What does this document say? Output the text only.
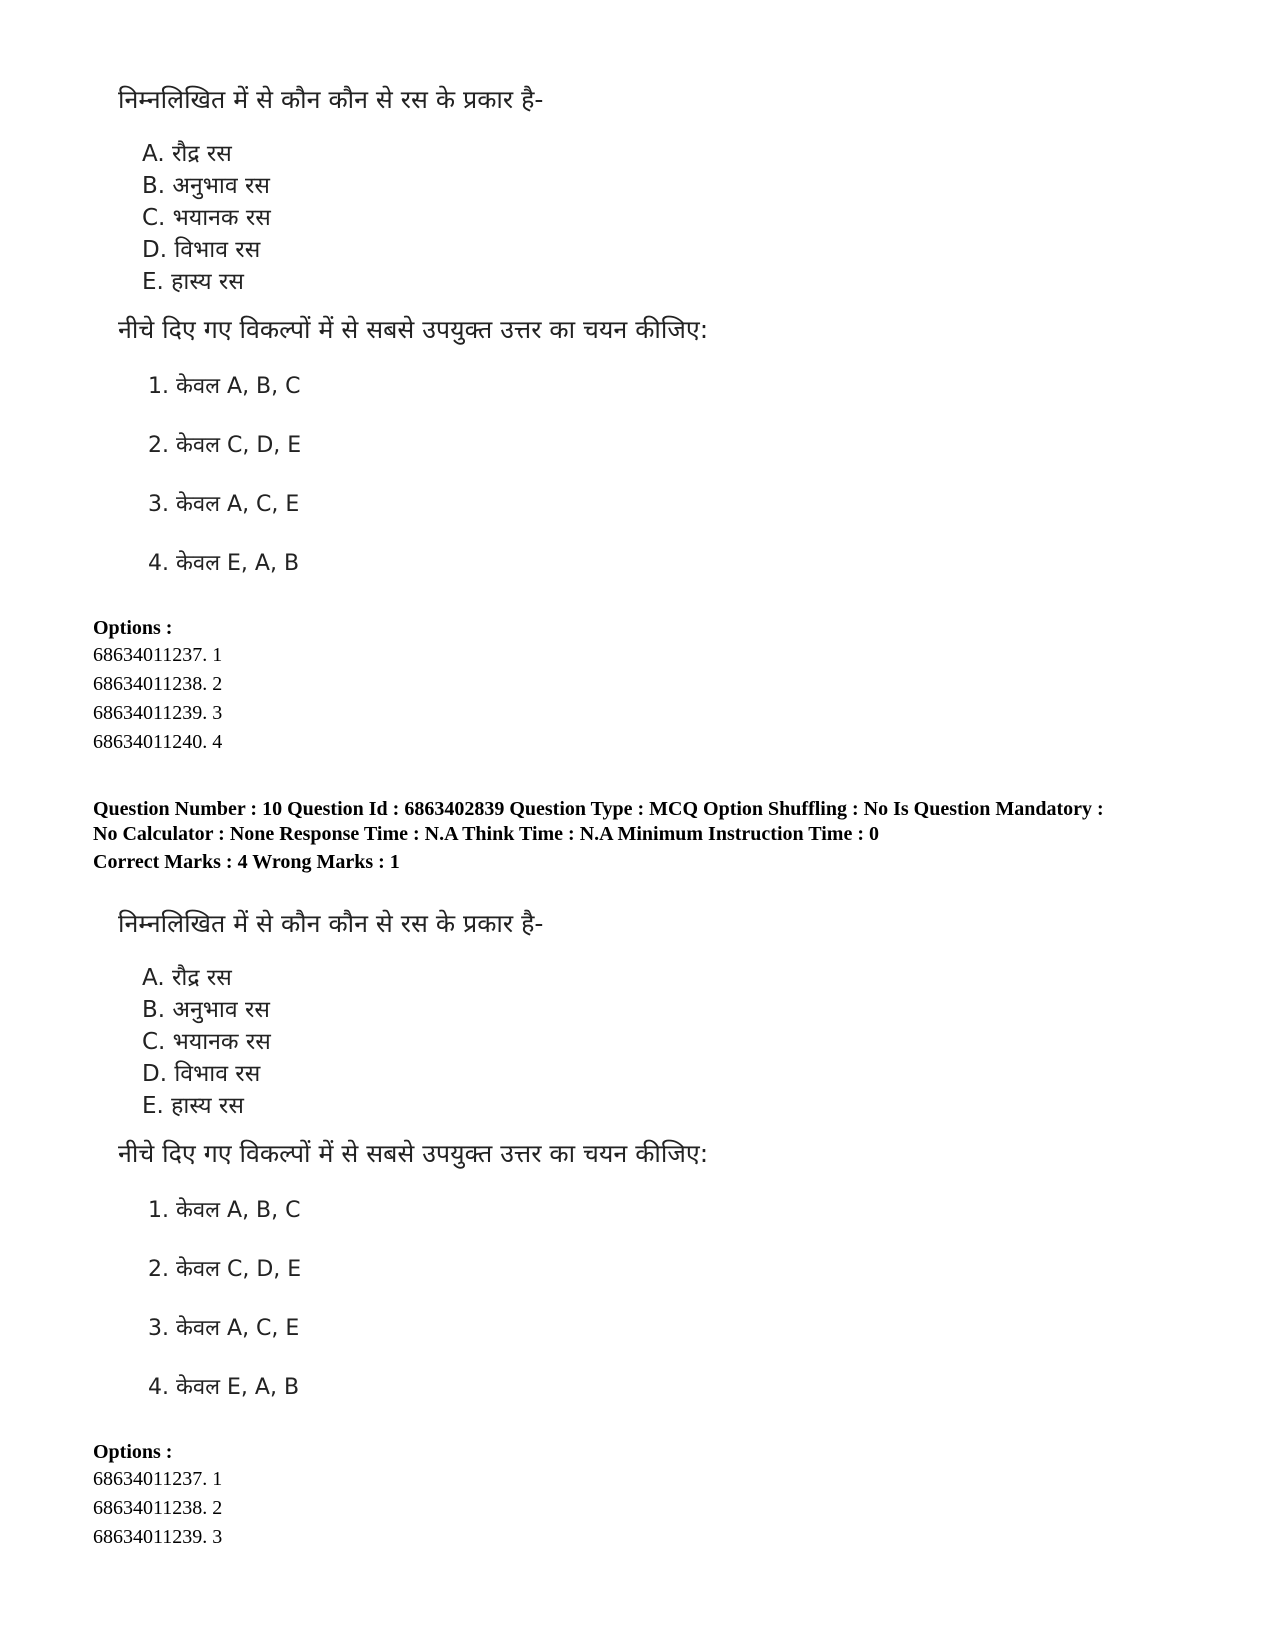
निम्नलिखित में से कौन कौन से रस के प्रकार है-
A. रौद्र रस
B. अनुभाव रस
C. भयानक रस
D. विभाव रस
E. हास्य रस
नीचे दिए गए विकल्पों में से सबसे उपयुक्त उत्तर का चयन कीजिए:
1. केवल A, B, C
2. केवल C, D, E
3. केवल A, C, E
4. केवल E, A, B
Options :
68634011237. 1
68634011238. 2
68634011239. 3
68634011240. 4
Question Number : 10 Question Id : 6863402839 Question Type : MCQ Option Shuffling : No Is Question Mandatory :
No Calculator : None Response Time : N.A Think Time : N.A Minimum Instruction Time : 0
Correct Marks : 4 Wrong Marks : 1
निम्नलिखित में से कौन कौन से रस के प्रकार है-
A. रौद्र रस
B. अनुभाव रस
C. भयानक रस
D. विभाव रस
E. हास्य रस
नीचे दिए गए विकल्पों में से सबसे उपयुक्त उत्तर का चयन कीजिए:
1. केवल A, B, C
2. केवल C, D, E
3. केवल A, C, E
4. केवल E, A, B
Options :
68634011237. 1
68634011238. 2
68634011239. 3
